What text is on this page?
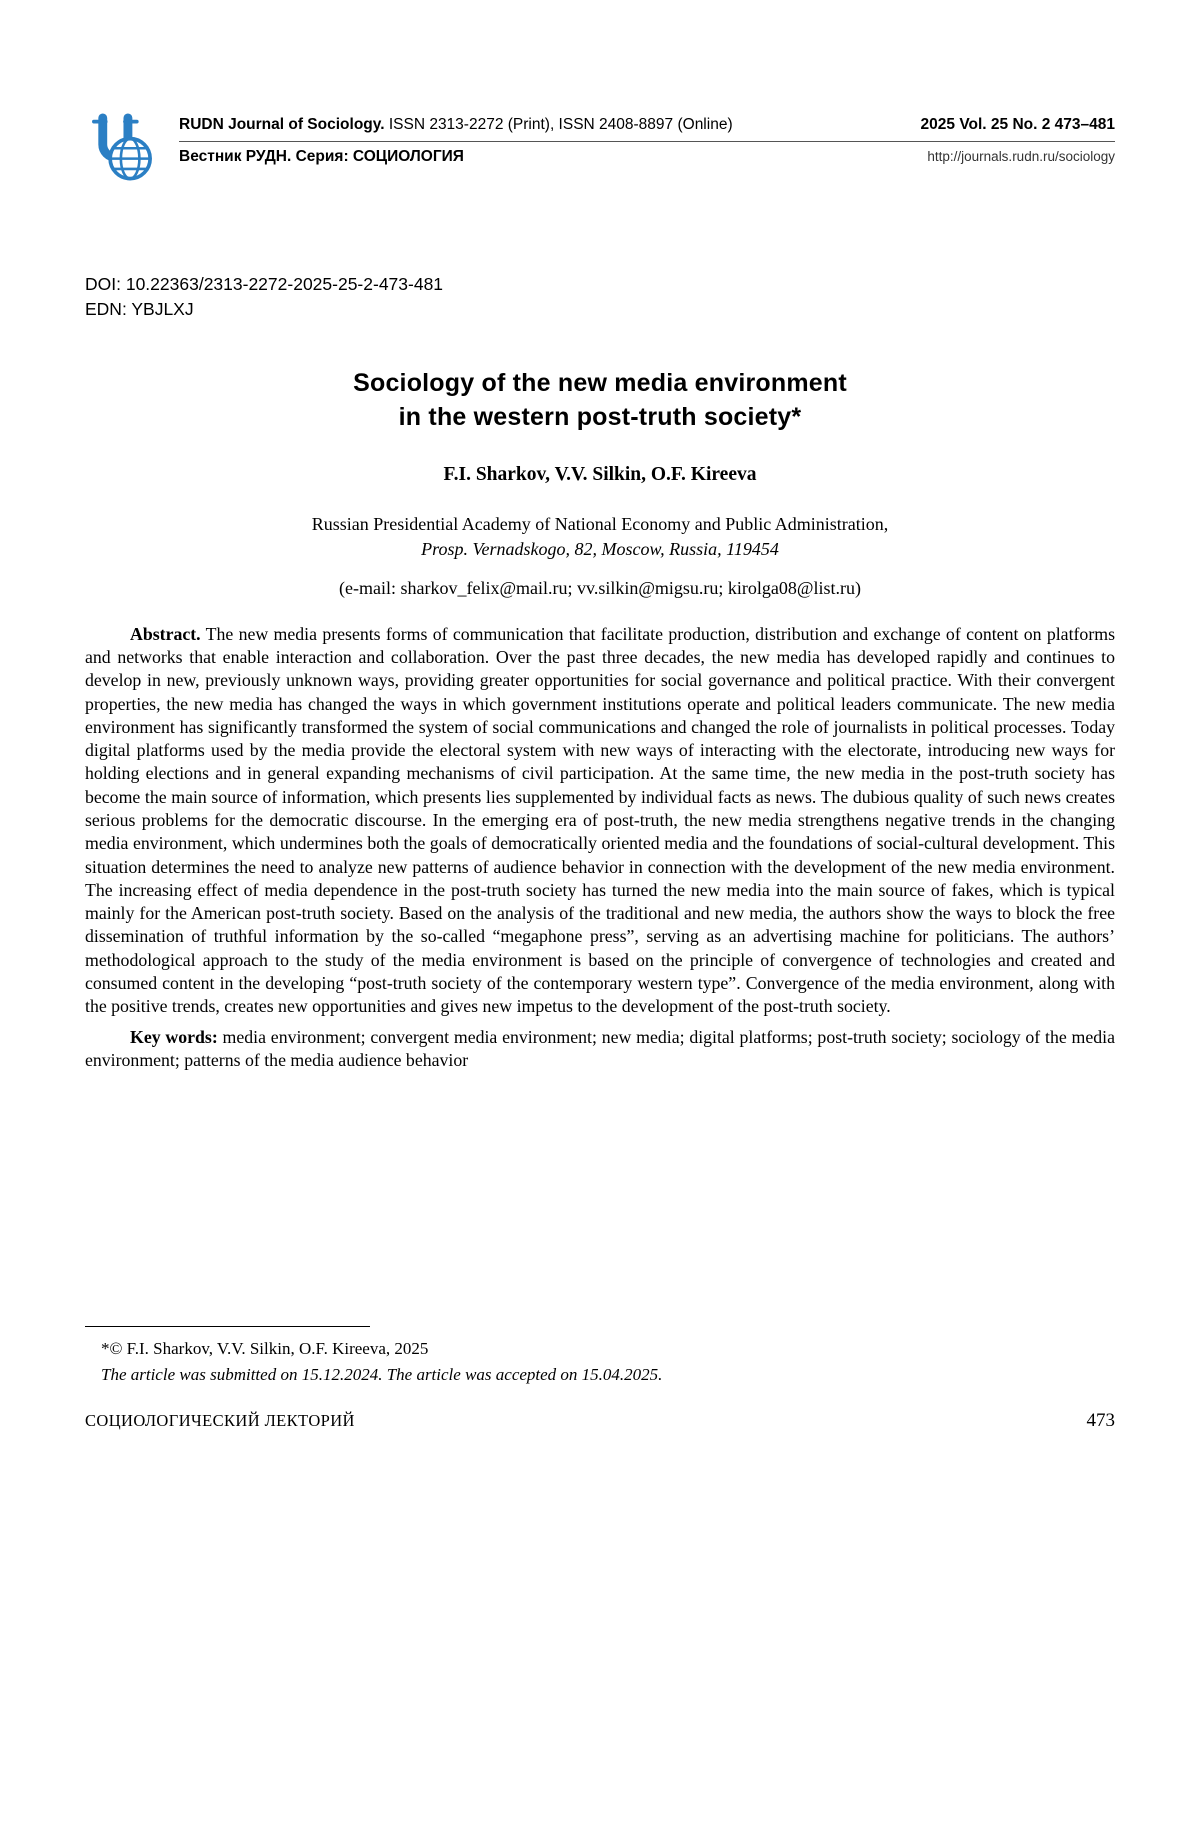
RUDN Journal of Sociology. ISSN 2313-2272 (Print), ISSN 2408-8897 (Online)	2025 Vol. 25 No. 2 473–481
Вестник РУДН. Серия: СОЦИОЛОГИЯ	http://journals.rudn.ru/sociology
DOI: 10.22363/2313-2272-2025-25-2-473-481
EDN: YBJLXJ
Sociology of the new media environment
in the western post-truth society*
F.I. Sharkov, V.V. Silkin, O.F. Kireeva
Russian Presidential Academy of National Economy and Public Administration,
Prosp. Vernadskogo, 82, Moscow, Russia, 119454
(e-mail: sharkov_felix@mail.ru; vv.silkin@migsu.ru; kirolga08@list.ru)

Abstract. The new media presents forms of communication that facilitate production, distribution and exchange of content on platforms and networks that enable interaction and collaboration. Over the past three decades, the new media has developed rapidly and continues to develop in new, previously unknown ways, providing greater opportunities for social governance and political practice. With their convergent properties, the new media has changed the ways in which government institutions operate and political leaders communicate. The new media environment has significantly transformed the system of social communications and changed the role of journalists in political processes. Today digital platforms used by the media provide the electoral system with new ways of interacting with the electorate, introducing new ways for holding elections and in general expanding mechanisms of civil participation. At the same time, the new media in the post-truth society has become the main source of information, which presents lies supplemented by individual facts as news. The dubious quality of such news creates serious problems for the democratic discourse. In the emerging era of post-truth, the new media strengthens negative trends in the changing media environment, which undermines both the goals of democratically oriented media and the foundations of social-cultural development. This situation determines the need to analyze new patterns of audience behavior in connection with the development of the new media environment. The increasing effect of media dependence in the post-truth society has turned the new media into the main source of fakes, which is typical mainly for the American post-truth society. Based on the analysis of the traditional and new media, the authors show the ways to block the free dissemination of truthful information by the so-called “megaphone press”, serving as an advertising machine for politicians. The authors’ methodological approach to the study of the media environment is based on the principle of convergence of technologies and created and consumed content in the developing “post-truth society of the contemporary western type”. Convergence of the media environment, along with the positive trends, creates new opportunities and gives new impetus to the development of the post-truth society.

Key words: media environment; convergent media environment; new media; digital platforms; post-truth society; sociology of the media environment; patterns of the media audience behavior

*© F.I. Sharkov, V.V. Silkin, O.F. Kireeva, 2025

The article was submitted on 15.12.2024. The article was accepted on 15.04.2025.

СОЦИОЛОГИЧЕСКИЙ ЛЕКТОРИЙ	473
